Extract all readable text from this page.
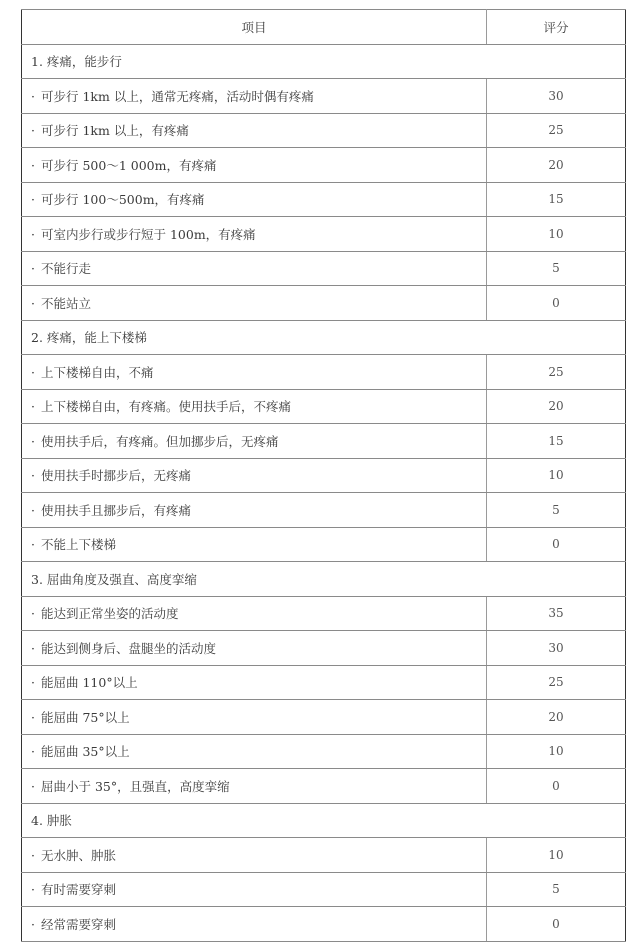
项目	评分
1. 疼痛，能步行	
· 可步行 1km 以上，通常无疼痛，活动时偶有疼痛	30
· 可步行 1km 以上，有疼痛	25
· 可步行 500～1 000m，有疼痛	20
· 可步行 100～500m，有疼痛	15
· 可室内步行或步行短于 100m，有疼痛	10
· 不能行走	5
· 不能站立	0
2. 疼痛，能上下楼梯	
· 上下楼梯自由，不痛	25
· 上下楼梯自由，有疼痛。使用扶手后，不疼痛	20
· 使用扶手后，有疼痛。但加挪步后，无疼痛	15
· 使用扶手时挪步后，无疼痛	10
· 使用扶手且挪步后，有疼痛	5
· 不能上下楼梯	0
3. 屈曲角度及强直、高度挛缩	
· 能达到正常坐姿的活动度	35
· 能达到侧身后、盘腿坐的活动度	30
· 能屈曲 110°以上	25
· 能屈曲 75°以上	20
· 能屈曲 35°以上	10
· 屈曲小于 35°，且强直，高度挛缩	0
4. 肿胀	
· 无水肿、肿胀	10
· 有时需要穿刺	5
· 经常需要穿刺	0
